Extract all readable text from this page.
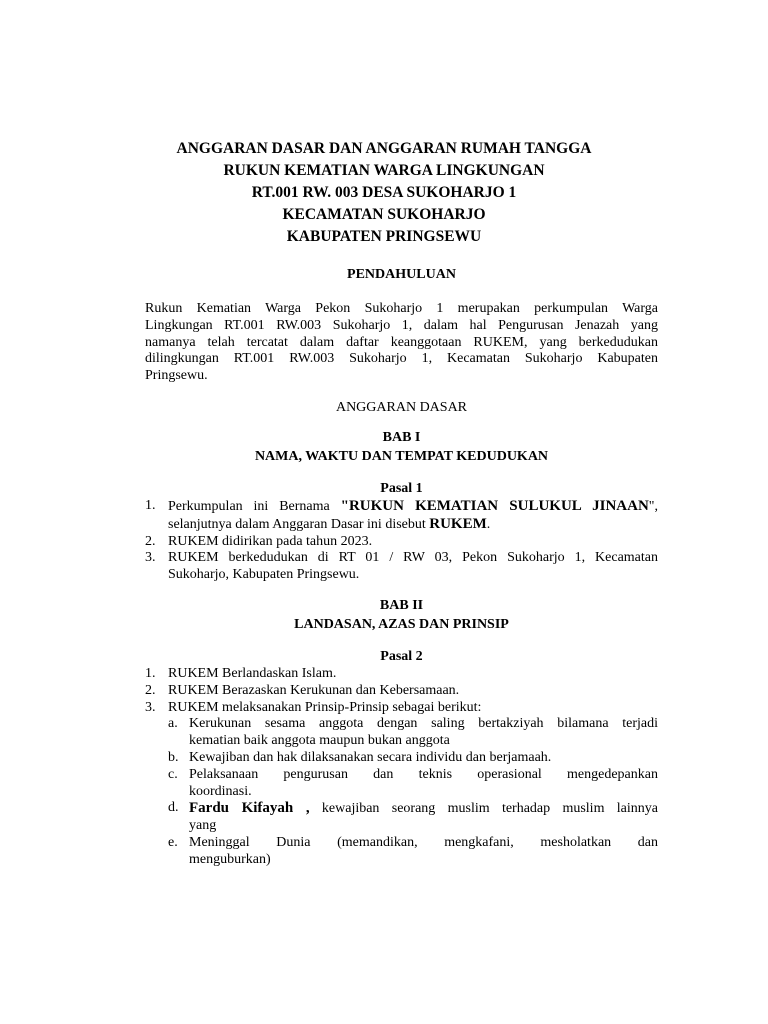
ANGGARAN DASAR DAN ANGGARAN RUMAH TANGGA
RUKUN KEMATIAN WARGA LINGKUNGAN
RT.001 RW. 003 DESA SUKOHARJO 1
KECAMATAN SUKOHARJO
KABUPATEN PRINGSEWU
PENDAHULUAN
Rukun Kematian Warga Pekon Sukoharjo 1 merupakan perkumpulan Warga
Lingkungan RT.001 RW.003 Sukoharjo 1, dalam hal Pengurusan Jenazah yang
namanya telah tercatat dalam daftar keanggotaan RUKEM, yang berkedudukan
dilingkungan RT.001 RW.003 Sukoharjo 1, Kecamatan Sukoharjo Kabupaten
Pringsewu.
ANGGARAN DASAR
BAB I
NAMA, WAKTU DAN TEMPAT KEDUDUKAN
Pasal 1
1. Perkumpulan ini Bernama "RUKUN KEMATIAN SULUKUL JINAAN",
selanjutnya dalam Anggaran Dasar ini disebut RUKEM.
2. RUKEM didirikan pada tahun 2023.
3. RUKEM berkedudukan di RT 01 / RW 03, Pekon Sukoharjo 1, Kecamatan
Sukoharjo, Kabupaten Pringsewu.
BAB II
LANDASAN, AZAS DAN PRINSIP
Pasal 2
1. RUKEM Berlandaskan Islam.
2. RUKEM Berazaskan Kerukunan dan Kebersamaan.
3. RUKEM melaksanakan Prinsip-Prinsip sebagai berikut:
a. Kerukunan sesama anggota dengan saling bertakziyah bilamana terjadi
kematian baik anggota maupun bukan anggota
b. Kewajiban dan hak dilaksanakan secara individu dan berjamaah.
c. Pelaksanaan pengurusan dan teknis operasional mengedepankan
koordinasi.
d. Fardu Kifayah , kewajiban seorang muslim terhadap muslim lainnya
yang
e. Meninggal Dunia (memandikan, mengkafani, mesholatkan dan
menguburkan)
